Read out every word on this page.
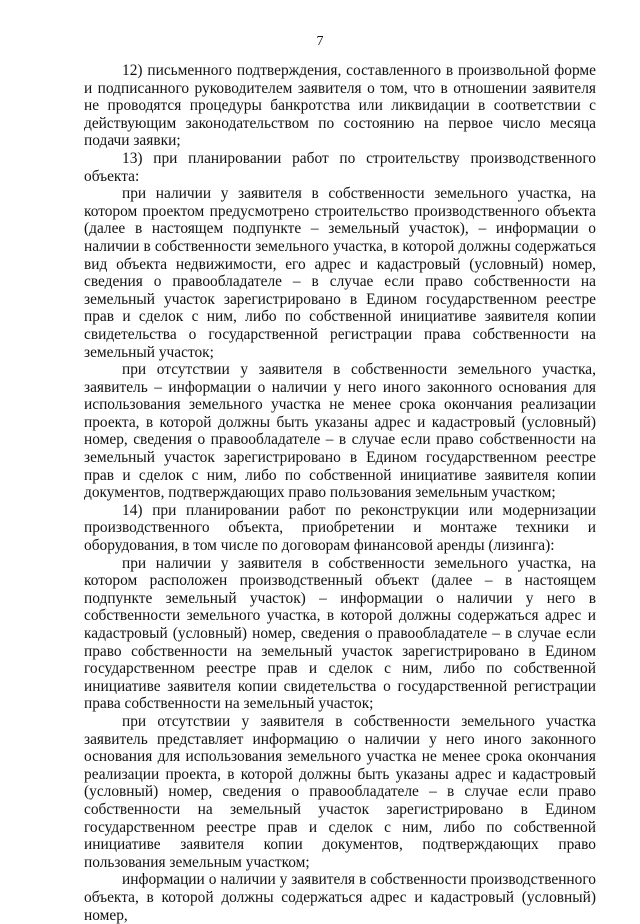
7

12) письменного подтверждения, составленного в произвольной форме и подписанного руководителем заявителя о том, что в отношении заявителя не проводятся процедуры банкротства или ликвидации в соответствии с действующим законодательством по состоянию на первое число месяца подачи заявки;

13) при планировании работ по строительству производственного объекта:

при наличии у заявителя в собственности земельного участка, на котором проектом предусмотрено строительство производственного объекта (далее в настоящем подпункте – земельный участок), – информации о наличии в собственности земельного участка, в которой должны содержаться вид объекта недвижимости, его адрес и кадастровый (условный) номер, сведения о правообладателе – в случае если право собственности на земельный участок зарегистрировано в Едином государственном реестре прав и сделок с ним, либо по собственной инициативе заявителя копии свидетельства о государственной регистрации права собственности на земельный участок;

при отсутствии у заявителя в собственности земельного участка, заявитель – информации о наличии у него иного законного основания для использования земельного участка не менее срока окончания реализации проекта, в которой должны быть указаны адрес и кадастровый (условный) номер, сведения о правообладателе – в случае если право собственности на земельный участок зарегистрировано в Едином государственном реестре прав и сделок с ним, либо по собственной инициативе заявителя копии документов, подтверждающих право пользования земельным участком;

14) при планировании работ по реконструкции или модернизации производственного объекта, приобретении и монтаже техники и оборудования, в том числе по договорам финансовой аренды (лизинга):

при наличии у заявителя в собственности земельного участка, на котором расположен производственный объект (далее – в настоящем подпункте земельный участок) – информации о наличии у него в собственности земельного участка, в которой должны содержаться адрес и кадастровый (условный) номер, сведения о правообладателе – в случае если право собственности на земельный участок зарегистрировано в Едином государственном реестре прав и сделок с ним, либо по собственной инициативе заявителя копии свидетельства о государственной регистрации права собственности на земельный участок;

при отсутствии у заявителя в собственности земельного участка заявитель представляет информацию о наличии у него иного законного основания для использования земельного участка не менее срока окончания реализации проекта, в которой должны быть указаны адрес и кадастровый (условный) номер, сведения о правообладателе – в случае если право собственности на земельный участок зарегистрировано в Едином государственном реестре прав и сделок с ним, либо по собственной инициативе заявителя копии документов, подтверждающих право пользования земельным участком;

информации о наличии у заявителя в собственности производственного объекта, в которой должны содержаться адрес и кадастровый (условный) номер,
